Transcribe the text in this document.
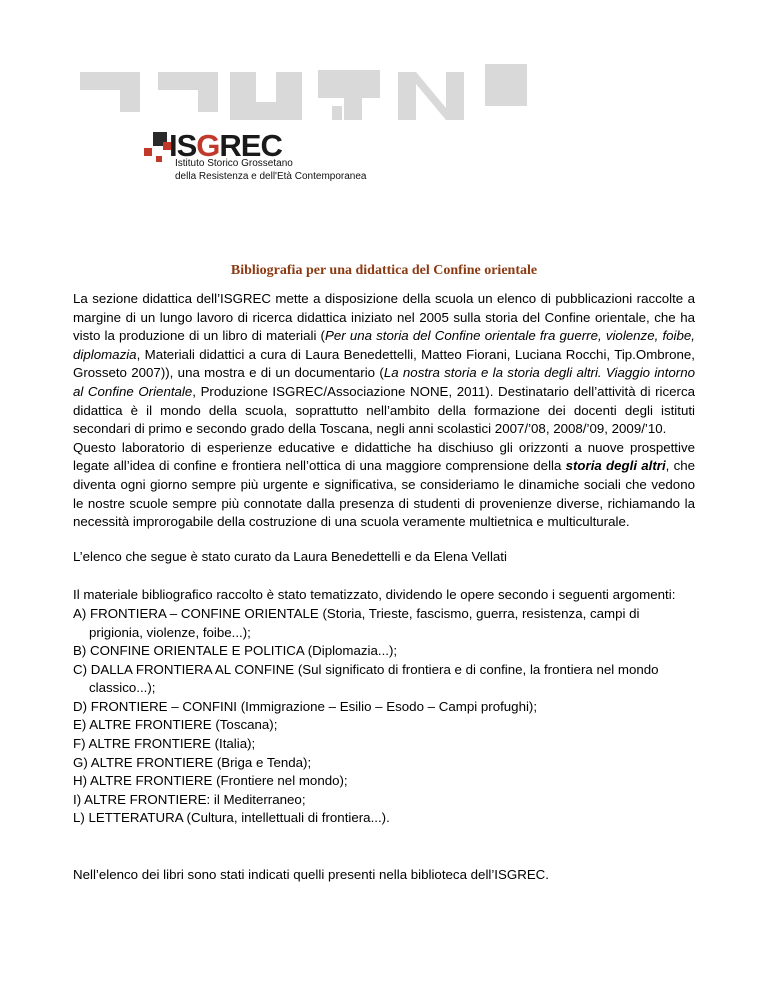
ISGREC
Istituto Storico Grossetano
della Resistenza e dell'Età Contemporanea
Bibliografia per una didattica del Confine orientale

La sezione didattica dell’ISGREC mette a disposizione della scuola un elenco di pubblicazioni raccolte a margine di un lungo lavoro di ricerca didattica iniziato nel 2005 sulla storia del Confine orientale, che ha visto la produzione di un libro di materiali (Per una storia del Confine orientale fra guerre, violenze, foibe, diplomazia, Materiali didattici a cura di Laura Benedettelli, Matteo Fiorani, Luciana Rocchi, Tip.Ombrone, Grosseto 2007)), una mostra e di un documentario (La nostra storia e la storia degli altri. Viaggio intorno al Confine Orientale, Produzione ISGREC/Associazione NONE, 2011). Destinatario dell’attività di ricerca didattica è il mondo della scuola, soprattutto nell’ambito della formazione dei docenti degli istituti secondari di primo e secondo grado della Toscana, negli anni scolastici 2007/’08, 2008/’09, 2009/’10.

Questo laboratorio di esperienze educative e didattiche ha dischiuso gli orizzonti a nuove prospettive legate all’idea di confine e frontiera nell’ottica di una maggiore comprensione della storia degli altri, che diventa ogni giorno sempre più urgente e significativa, se consideriamo le dinamiche sociali che vedono le nostre scuole sempre più connotate dalla presenza di studenti di provenienze diverse, richiamando la necessità improrogabile della costruzione di una scuola veramente multietnica e multiculturale.

L’elenco che segue è stato curato da Laura Benedettelli e da Elena Vellati

Il materiale bibliografico raccolto è stato tematizzato, dividendo le opere secondo i seguenti argomenti:

A) FRONTIERA – CONFINE ORIENTALE (Storia, Trieste, fascismo, guerra, resistenza, campi di prigionia, violenze, foibe...);
B) CONFINE ORIENTALE E POLITICA (Diplomazia...);
C) DALLA FRONTIERA AL CONFINE (Sul significato di frontiera e di confine, la frontiera nel mondo classico...);
D) FRONTIERE – CONFINI (Immigrazione – Esilio – Esodo – Campi profughi);
E) ALTRE FRONTIERE (Toscana);
F) ALTRE FRONTIERE (Italia);
G) ALTRE FRONTIERE (Briga e Tenda);
H) ALTRE FRONTIERE (Frontiere nel mondo);
I) ALTRE FRONTIERE: il Mediterraneo;
L) LETTERATURA (Cultura, intellettuali di frontiera...).

Nell’elenco dei libri sono stati indicati quelli presenti nella biblioteca dell’ISGREC.
